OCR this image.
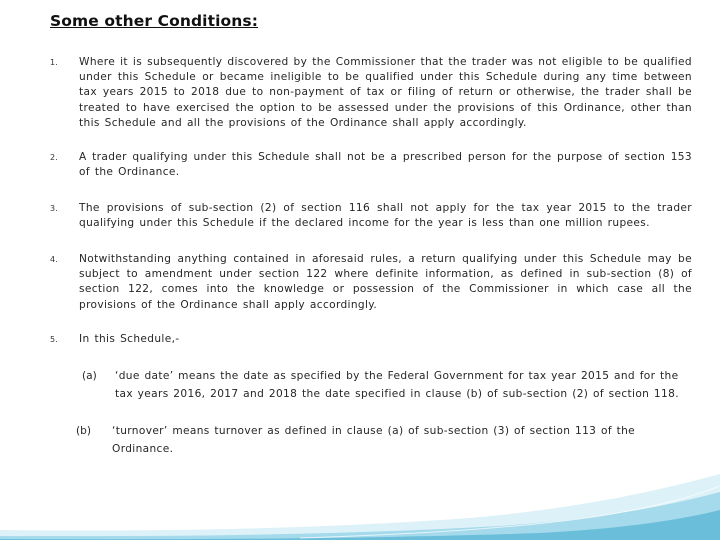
Some other Conditions:
1. Where it is subsequently discovered by the Commissioner that the trader was not eligible to be qualified under this Schedule or became ineligible to be qualified under this Schedule during any time between tax years 2015 to 2018 due to non-payment of tax or filing of return or otherwise, the trader shall be treated to have exercised the option to be assessed under the provisions of this Ordinance, other than this Schedule and all the provisions of the Ordinance shall apply accordingly.
2. A trader qualifying under this Schedule shall not be a prescribed person for the purpose of section 153 of the Ordinance.
3. The provisions of sub-section (2) of section 116 shall not apply for the tax year 2015 to the trader qualifying under this Schedule if the declared income for the year is less than one million rupees.
4. Notwithstanding anything contained in aforesaid rules, a return qualifying under this Schedule may be subject to amendment under section 122 where definite information, as defined in sub-section (8) of section 122, comes into the knowledge or possession of the Commissioner in which case all the provisions of the Ordinance shall apply accordingly.
5. In this Schedule,-
(a) ‘due date’ means the date as specified by the Federal Government for tax year 2015 and for the tax years 2016, 2017 and 2018 the date specified in clause (b) of sub-section (2) of section 118.
(b) ‘turnover’ means turnover as defined in clause (a) of sub-section (3) of section 113 of the Ordinance.
